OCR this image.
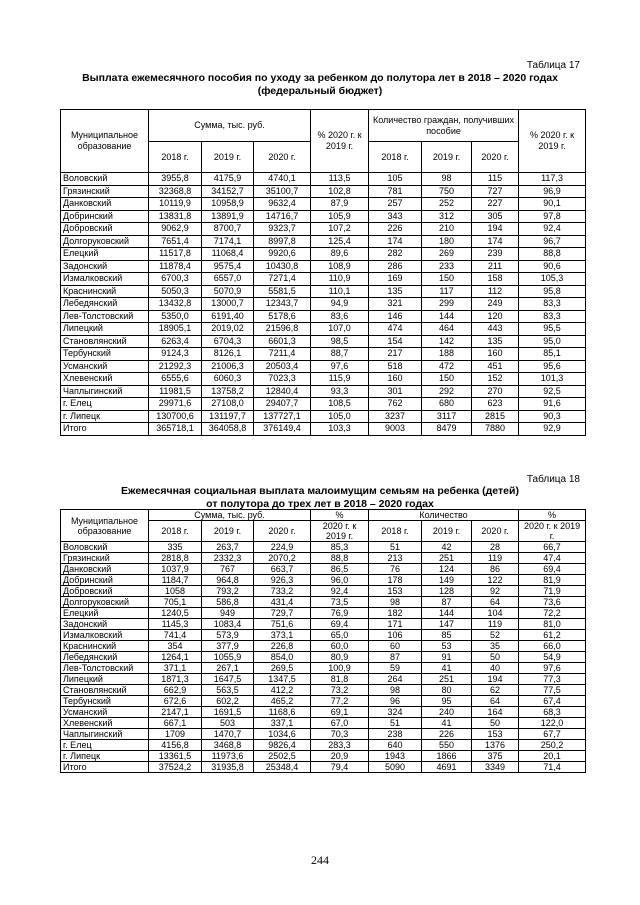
Таблица 17
Выплата ежемесячного пособия по уходу за ребенком до полутора лет в 2018 – 2020 годах
(федеральный бюджет)
Муниципальное образование	Сумма, тыс. руб.			% 2020 г. к 2019 г.	Количество граждан, получивших пособие			% 2020 г. к 2019 г.
	2018 г.	2019 г.	2020 г.		2018 г.	2019 г.	2020 г.	
Воловский	3955,8	4175,9	4740,1	113,5	105	98	115	117,3
Грязинский	32368,8	34152,7	35100,7	102,8	781	750	727	96,9
Данковский	10119,9	10958,9	9632,4	87,9	257	252	227	90,1
Добринский	13831,8	13891,9	14716,7	105,9	343	312	305	97,8
Добровский	9062,9	8700,7	9323,7	107,2	226	210	194	92,4
Долгоруковский	7651,4	7174,1	8997,8	125,4	174	180	174	96,7
Елецкий	11517,8	11068,4	9920,6	89,6	282	269	239	88,8
Задонский	11878,4	9575,4	10430,8	108,9	286	233	211	90,6
Измалковский	6700,3	6557,0	7271,4	110,9	169	150	158	105,3
Краснинский	5050,3	5070,9	5581,5	110,1	135	117	112	95,8
Лебедянский	13432,8	13000,7	12343,7	94,9	321	299	249	83,3
Лев-Толстовский	5350,0	6191,40	5178,6	83,6	146	144	120	83,3
Липецкий	18905,1	2019,02	21596,8	107,0	474	464	443	95,5
Становлянский	6263,4	6704,3	6601,3	98,5	154	142	135	95,0
Тербунский	9124,3	8126,1	7211,4	88,7	217	188	160	85,1
Усманский	21292,3	21006,3	20503,4	97,6	518	472	451	95,6
Хлевенский	6555,6	6060,3	7023,3	115,9	160	150	152	101,3
Чаплыгинский	11981,5	13758,2	12840,4	93,3	301	292	270	92,5
г. Елец	29971,6	27108,0	29407,7	108,5	762	680	623	91,6
г. Липецк	130700,6	131197,7	137727,1	105,0	3237	3117	2815	90,3
Итого	365718,1	364058,8	376149,4	103,3	9003	8479	7880	92,9
Таблица 18
Ежемесячная социальная выплата малоимущим семьям на ребенка (детей)
от полутора до трех лет в 2018 – 2020 годах
Муниципальное образование	Сумма, тыс. руб.			%	Количество			%
	2018 г.	2019 г.	2020 г.	2020 г. к 2019 г.	2018 г.	2019 г.	2020 г.	2020 г. к 2019 г.
Воловский	335	263,7	224,9	85,3	51	42	28	66,7
Грязинский	2818,8	2332,3	2070,2	88,8	213	251	119	47,4
Данковский	1037,9	767	663,7	86,5	76	124	86	69,4
Добринский	1184,7	964,8	926,3	96,0	178	149	122	81,9
Добровский	1058	793,2	733,2	92,4	153	128	92	71,9
Долгоруковский	705,1	586,8	431,4	73,5	98	87	64	73,6
Елецкий	1240,5	949	729,7	76,9	182	144	104	72,2
Задонский	1145,3	1083,4	751,6	69,4	171	147	119	81,0
Измалковский	741,4	573,9	373,1	65,0	106	85	52	61,2
Краснинский	354	377,9	226,8	60,0	60	53	35	66,0
Лебедянский	1264,1	1055,9	854,0	80,9	87	91	50	54,9
Лев-Толстовский	371,1	267,1	269,5	100,9	59	41	40	97,6
Липецкий	1871,3	1647,5	1347,5	81,8	264	251	194	77,3
Становлянский	662,9	563,5	412,2	73,2	98	80	62	77,5
Тербунский	672,6	602,2	465,2	77,2	96	95	64	67,4
Усманский	2147,1	1691,5	1168,6	69,1	324	240	164	68,3
Хлевенский	667,1	503	337,1	67,0	51	41	50	122,0
Чаплыгинский	1709	1470,7	1034,6	70,3	238	226	153	67,7
г. Елец	4156,8	3468,8	9826,4	283,3	640	550	1376	250,2
г. Липецк	13361,5	11973,6	2502,5	20,9	1943	1866	375	20,1
Итого	37524,2	31935,8	25348,4	79,4	5090	4691	3349	71,4
244
